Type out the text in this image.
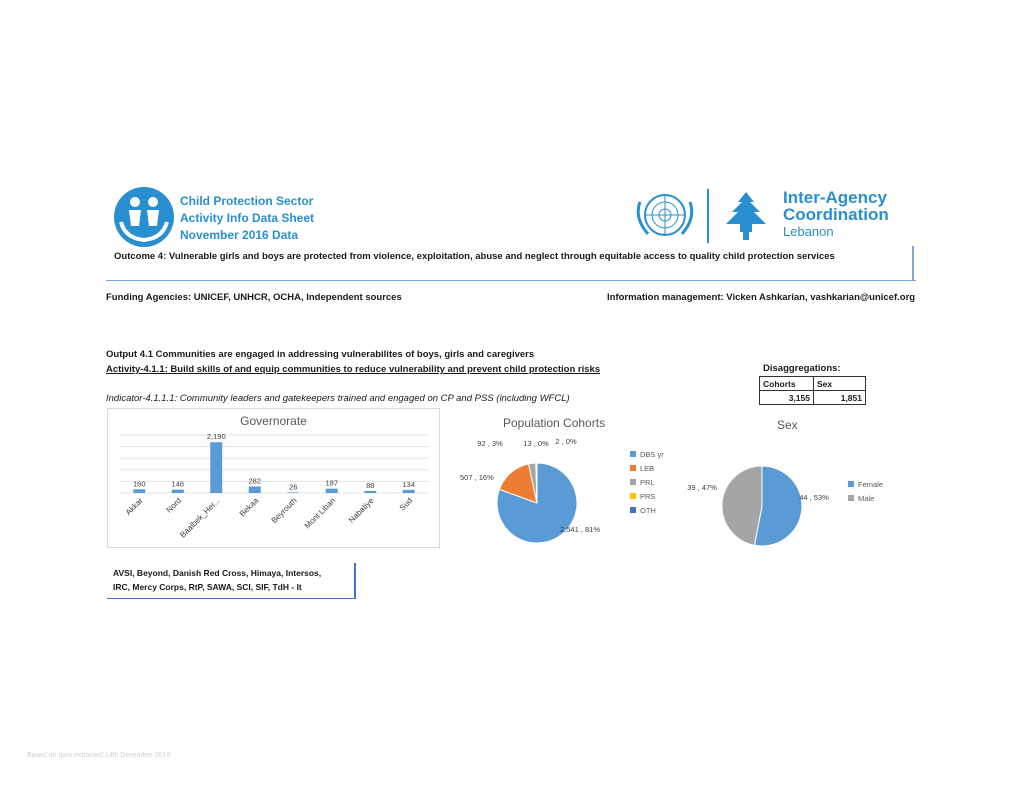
Child Protection Sector
Activity Info Data Sheet
November 2016 Data
Inter-Agency
Coordination
Lebanon
Outcome 4: Vulnerable girls and boys are protected from violence, exploitation, abuse and neglect through equitable access to quality child protection services
Funding Agencies: UNICEF, UNHCR, OCHA, Independent sources	Information management: Vicken Ashkarian, vashkarian@unicef.org
Output 4.1 Communities are engaged in addressing vulnerabilites of boys, girls and caregivers
Activity-4.1.1: Build skills of and equip communities to reduce vulnerability and prevent child protection risks
Indicator-4.1.1.1: Community leaders and gatekeepers trained and engaged on CP and PSS (including WFCL)
Disaggregations:
Cohorts	Sex
3,155	1,851
Governorate
160
Akkar
146
Nord
2,190
Baalbek_Her...
282
Bekaa
26
Beyrouth
187
Mont Liban
88
Nabatiye
134
Sud
Population Cohorts
2,541 , 81%
507 , 16%
92 , 3%	13 , 0% 2 , 0%
DBS yr
LEB
PRL
PRS
OTH
Sex
44 , 53%
39 , 47%	Female
Male
AVSI, Beyond, Danish Red Cross, Himaya, Intersos,
IRC, Mercy Corps, RtP, SAWA, SCI, SIF, TdH - It
Based on data extracted 14th December 2016
